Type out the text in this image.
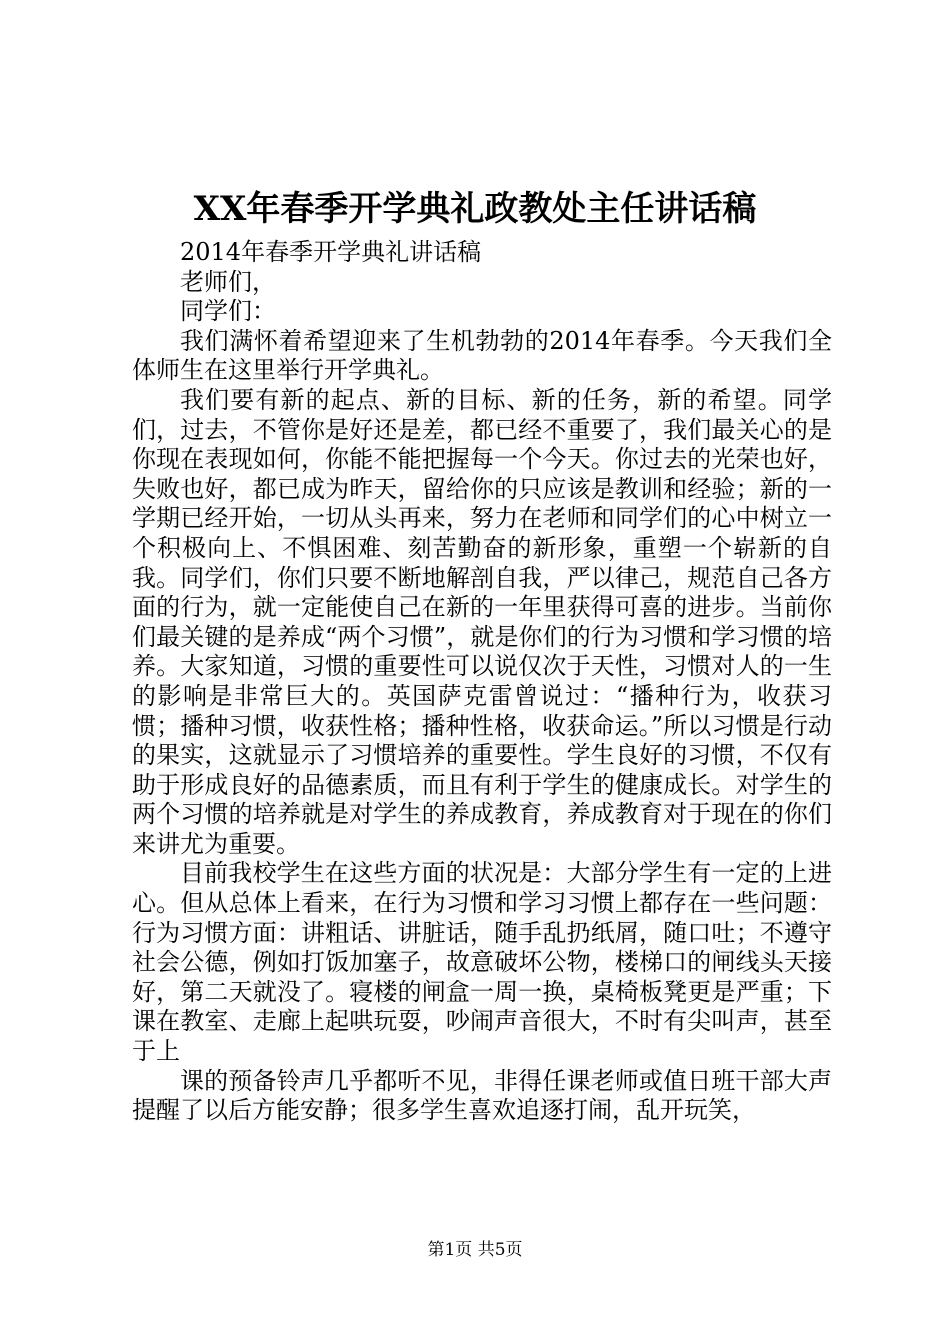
XX年春季开学典礼政教处主任讲话稿

2014年春季开学典礼讲话稿

老师们，

同学们：

我们满怀着希望迎来了生机勃勃的2014年春季。今天我们全体师生在这里举行开学典礼。

我们要有新的起点、新的目标、新的任务，新的希望。同学们，过去，不管你是好还是差，都已经不重要了，我们最关心的是你现在表现如何，你能不能把握每一个今天。你过去的光荣也好，失败也好，都已成为昨天，留给你的只应该是教训和经验；新的一学期已经开始，一切从头再来，努力在老师和同学们的心中树立一个积极向上、不惧困难、刻苦勤奋的新形象，重塑一个崭新的自我。同学们，你们只要不断地解剖自我，严以律己，规范自己各方面的行为，就一定能使自己在新的一年里获得可喜的进步。当前你们最关键的是养成“两个习惯”，就是你们的行为习惯和学习惯的培养。大家知道，习惯的重要性可以说仅次于天性，习惯对人的一生的影响是非常巨大的。英国萨克雷曾说过：“播种行为，收获习惯；播种习惯，收获性格；播种性格，收获命运。”所以习惯是行动的果实，这就显示了习惯培养的重要性。学生良好的习惯，不仅有助于形成良好的品德素质，而且有利于学生的健康成长。对学生的两个习惯的培养就是对学生的养成教育，养成教育对于现在的你们来讲尤为重要。

目前我校学生在这些方面的状况是：大部分学生有一定的上进心。但从总体上看来，在行为习惯和学习习惯上都存在一些问题：行为习惯方面：讲粗话、讲脏话，随手乱扔纸屑，随口吐；不遵守社会公德，例如打饭加塞子，故意破坏公物，楼梯口的闸线头天接好，第二天就没了。寝楼的闸盒一周一换，桌椅板凳更是严重；下课在教室、走廊上起哄玩耍，吵闹声音很大，不时有尖叫声，甚至于上

课的预备铃声几乎都听不见，非得任课老师或值日班干部大声提醒了以后方能安静；很多学生喜欢追逐打闹，乱开玩笑，

第1页 共5页
